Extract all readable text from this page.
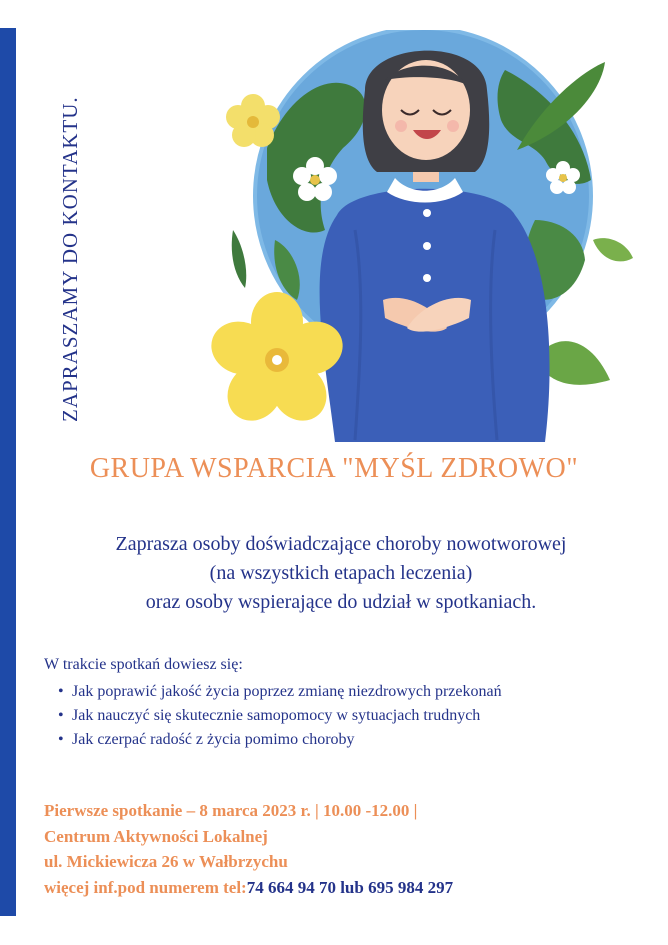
ZAPRASZAMY DO KONTAKTU.
GRUPA WSPARCIA "MYŚL ZDROWO"
Zaprasza osoby doświadczające choroby nowotworowej
(na wszystkich etapach leczenia)
oraz osoby wspierające do udział w spotkaniach.
W trakcie spotkań dowiesz się:
• Jak poprawić jakość życia poprzez zmianę niezdrowych przekonań
• Jak nauczyć się skutecznie samopomocy w sytuacjach trudnych
• Jak czerpać radość z życia pomimo choroby
Pierwsze spotkanie – 8 marca 2023 r. | 10.00 -12.00 |
Centrum Aktywności Lokalnej
ul. Mickiewicza 26 w Wałbrzychu
więcej inf.pod numerem tel:74 664 94 70 lub 695 984 297
